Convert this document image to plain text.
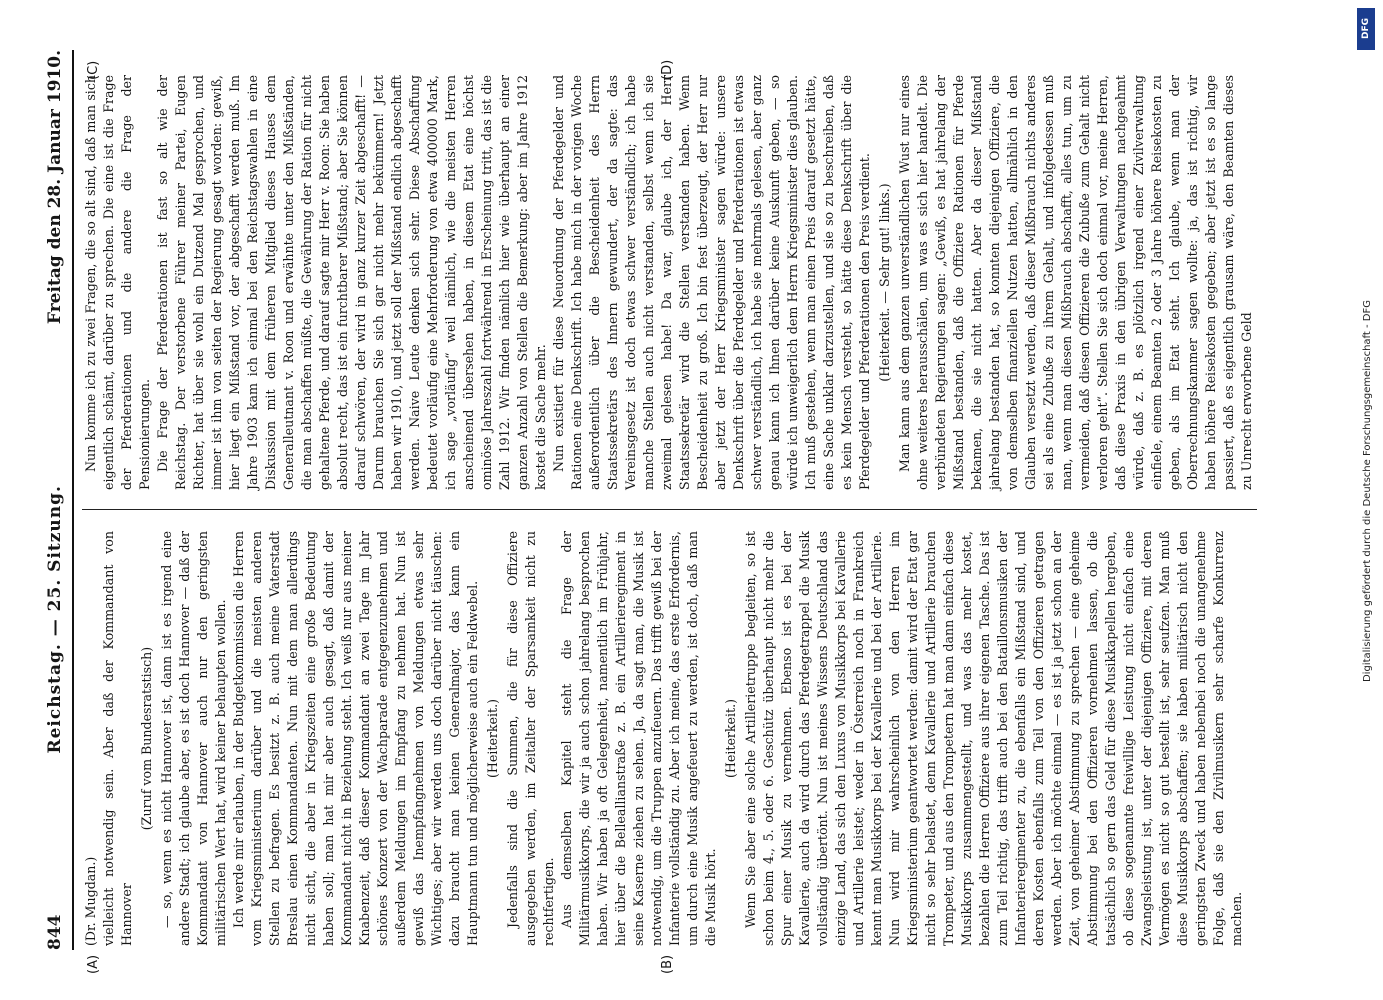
DFG
Digitalisierung gefördert durch die Deutsche Forschungsgemeinschaft - DFG
844
Reichstag. — 25. Sitzung.
Freitag den 28. Januar 1910.
(A)	(B)
(C)	(D)

(Dr. Mugdan.) vielleicht notwendig sein. Aber daß der Kommandant von Hannover

(Zuruf vom Bundesratstisch) — so, wenn es nicht Hannover ist, dann ist es irgend eine andere Stadt; ich glaube aber, es ist doch Hannover — daß der Kommandant von Hannover auch nur den geringsten militärischen Wert hat, wird keiner behaupten wollen. Ich werde mir erlauben, in der Budgetkommission die Herren vom Kriegsministerium darüber und die meisten anderen Stellen zu befragen. Es besitzt z. B. auch meine Vaterstadt Breslau einen Kommandanten. Nun mit dem man allerdings nicht sicht, die aber in Kriegszeiten eine große Bedeutung haben soll; man hat mir aber auch gesagt, daß damit der Kommandant nicht in Beziehung steht. Ich weiß nur aus meiner Knabenzeit, daß dieser Kommandant an zwei Tage im Jahr schönes Konzert von der Wachparade entgegenzunehmen und außerdem Meldungen im Empfang zu nehmen hat. Nun ist gewiß das Inempfangnehmen von Meldungen etwas sehr Wichtiges; aber wir werden uns doch darüber nicht täuschen: dazu braucht man keinen Generalmajor, das kann ein Hauptmann tun und möglicherweise auch ein Feldwebel. (Heiterkeit.) Jedenfalls sind die Summen, die für diese Offiziere ausgegeben werden, im Zeitalter der Sparsamkeit nicht zu rechtfertigen. Aus demselben Kapitel steht die Frage der Militärmusikkorps, die wir ja auch schon jahrelang besprochen haben. Wir haben ja oft Gelegenheit, namentlich im Frühjahr, hier über die Belleallianstraße z. B. ein Artillerieregiment in seine Kaserne ziehen zu sehen. Ja, da sagt man, die Musik ist notwendig, um die Truppen anzufeuern. Das trifft gewiß bei der Infanterie vollständig zu. Aber ich meine, das erste Erfordernis, um durch eine Musik angefeuert zu werden, ist doch, daß man die Musik hört.

(Heiterkeit.) Wenn Sie aber eine solche Artillerietruppe begleiten, so ist schon beim 4., 5. oder 6. Geschütz überhaupt nicht mehr die Spur einer Musik zu vernehmen. Ebenso ist es bei der Kavallerie, auch da wird durch das Pferdegetrappel die Musik vollständig übertönt. Nun ist meines Wissens Deutschland das einzige Land, das sich den Luxus von Musikkorps bei Kavallerie und Artillerie leistet; weder in Österreich noch in Frankreich kennt man Musikkorps bei der Kavallerie und bei der Artillerie. Nun wird mir wahrscheinlich von den Herren im Kriegsministerium geantwortet werden: damit wird der Etat gar nicht so sehr belastet, denn Kavallerie und Artillerie brauchen Trompeter, und aus den Trompetern hat man dann einfach diese Musikkorps zusammengestellt, und was das mehr kostet, bezahlen die Herren Offiziere aus ihrer eigenen Tasche. Das ist zum Teil richtig, das trifft auch bei den Bataillonsmusiken der Infanterieregimenter zu, die ebenfalls ein Mißstand sind, und deren Kosten ebenfalls zum Teil von den Offizieren getragen werden. Aber ich möchte einmal — es ist ja jetzt schon an der Zeit, von geheimer Abstimmung zu sprechen — eine geheime Abstimmung bei den Offizieren vornehmen lassen, ob die tatsächlich so gern das Geld für diese Musikkapellen hergeben, ob diese sogenannte freiwillige Leistung nicht einfach eine Zwangsleistung ist, unter der diejenigen Offiziere, mit deren Vermögen es nicht so gut bestellt ist, sehr seufzen. Man muß diese Musikkorps abschaffen; sie haben militärisch nicht den geringsten Zweck und haben nebenbei noch die unangenehme Folge, daß sie den Zivilmusikern sehr scharfe Konkurrenz machen.

Nun komme ich zu zwei Fragen, die so alt sind, daß man sich eigentlich schämt, darüber zu sprechen. Die eine ist die Frage der Pferderationen und die andere die Frage der Pensionierungen. Die Frage der Pferderationen ist fast so alt wie der Reichstag. Der verstorbene Führer meiner Partei, Eugen Richter, hat über sie wohl ein Dutzend Mal gesprochen, und immer ist ihm von seiten der Regierung gesagt worden: gewiß, hier liegt ein Mißstand vor, der abgeschafft werden muß. Im Jahre 1903 kam ich einmal bei den Reichstagswahlen in eine Diskussion mit dem früheren Mitglied dieses Hauses dem Generalleutnant v. Roon und erwähnte unter den Mißständen, die man abschaffen müßte, die Gewährung der Ration für nicht gehaltene Pferde, und darauf sagte mir Herr v. Roon: Sie haben absolut recht, das ist ein furchtbarer Mißstand; aber Sie können darauf schwören, der wird in ganz kurzer Zeit abgeschafft! — Darum brauchen Sie sich gar nicht mehr bekümmern! Jetzt haben wir 1910, und jetzt soll der Mißstand endlich abgeschafft werden. Naive Leute denken sich sehr. Diese Abschaffung bedeutet vorläufig eine Mehrforderung von etwa 400000 Mark, ich sage „vorläufig“ weil nämlich, wie die meisten Herren anscheinend übersehen haben, in diesem Etat eine höchst ominöse Jahreszahl fortwährend in Erscheinung tritt, das ist die Zahl 1912. Wir finden nämlich hier wie überhaupt an einer ganzen Anzahl von Stellen die Bemerkung: aber im Jahre 1912 kostet die Sache mehr. Nun existiert für diese Neuordnung der Pferdegelder und Rationen eine Denkschrift. Ich habe mich in der vorigen Woche außerordentlich über die Bescheidenheit des Herrn Staatssekretärs des Innern gewundert, der da sagte: das Vereinsgesetz ist doch etwas schwer verständlich; ich habe manche Stellen auch nicht verstanden, selbst wenn ich sie zweimal gelesen habe! Da war, glaube ich, der Herr Staatssekretär wird die Stellen verstanden haben. Wenn Bescheidenheit zu groß. Ich bin fest überzeugt, der Herr nur aber jetzt der Herr Kriegsminister sagen würde: unsere Denkschrift über die Pferdegelder und Pferderationen ist etwas schwer verständlich, ich habe sie mehrmals gelesen, aber ganz genau kann ich Ihnen darüber keine Auskunft geben, — so würde ich unweigerlich dem Herrn Kriegsminister dies glauben. Ich muß gestehen, wenn man einen Preis darauf gesetzt hätte, eine Sache unklar darzustellen, und sie so zu beschreiben, daß es kein Mensch versteht, so hätte diese Denkschrift über die Pferdegelder und Pferderationen den Preis verdient. (Heiterkeit. — Sehr gut! links.) Man kann aus dem ganzen unverständlichen Wust nur eines ohne weiteres herausschälen, um was es sich hier handelt. Die verbündeten Regierungen sagen: „Gewiß, es hat jahrelang der Mißstand bestanden, daß die Offiziere Rationen für Pferde bekamen, die sie nicht hatten. Aber da dieser Mißstand jahrelang bestanden hat, so konnten diejenigen Offiziere, die von demselben finanziellen Nutzen hatten, allmählich in den Glauben versetzt werden, daß dieser Mißbrauch nichts anderes sei als eine Zubuße zu ihrem Gehalt, und infolgedessen muß man, wenn man diesen Mißbrauch abschafft, alles tun, um zu vermeiden, daß diesen Offizieren die Zubuße zum Gehalt nicht verloren geht“. Stellen Sie sich doch einmal vor, meine Herren, daß diese Praxis in den übrigen Verwaltungen nachgeahmt würde, daß z. B. es plötzlich irgend einer Zivilverwaltung einfiele, einem Beamten 2 oder 3 Jahre höhere Reisekosten zu geben, als im Etat steht. Ich glaube, wenn man der Oberrechnungskammer sagen wollte: ja, das ist richtig, wir haben höhere Reisekosten gegeben; aber jetzt ist es so lange passiert, daß es eigentlich grausam wäre, den Beamten dieses zu Unrecht erworbene Geld
